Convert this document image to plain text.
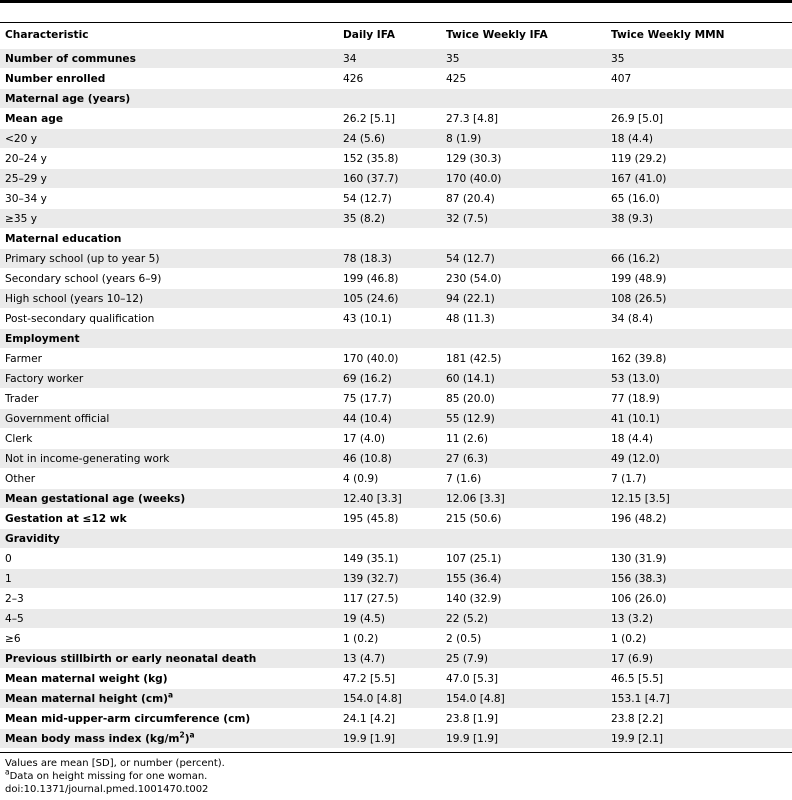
Characteristic	Daily IFA	Twice Weekly IFA	Twice Weekly MMN
Number of communes	34	35	35
Number enrolled	426	425	407
Maternal age (years)
Mean age	26.2 [5.1]	27.3 [4.8]	26.9 [5.0]
<20 y	24 (5.6)	8 (1.9)	18 (4.4)
20–24 y	152 (35.8)	129 (30.3)	119 (29.2)
25–29 y	160 (37.7)	170 (40.0)	167 (41.0)
30–34 y	54 (12.7)	87 (20.4)	65 (16.0)
≥35 y	35 (8.2)	32 (7.5)	38 (9.3)
Maternal education
Primary school (up to year 5)	78 (18.3)	54 (12.7)	66 (16.2)
Secondary school (years 6–9)	199 (46.8)	230 (54.0)	199 (48.9)
High school (years 10–12)	105 (24.6)	94 (22.1)	108 (26.5)
Post-secondary qualification	43 (10.1)	48 (11.3)	34 (8.4)
Employment
Farmer	170 (40.0)	181 (42.5)	162 (39.8)
Factory worker	69 (16.2)	60 (14.1)	53 (13.0)
Trader	75 (17.7)	85 (20.0)	77 (18.9)
Government official	44 (10.4)	55 (12.9)	41 (10.1)
Clerk	17 (4.0)	11 (2.6)	18 (4.4)
Not in income-generating work	46 (10.8)	27 (6.3)	49 (12.0)
Other	4 (0.9)	7 (1.6)	7 (1.7)
Mean gestational age (weeks)	12.40 [3.3]	12.06 [3.3]	12.15 [3.5]
Gestation at ≤12 wk	195 (45.8)	215 (50.6)	196 (48.2)
Gravidity
0	149 (35.1)	107 (25.1)	130 (31.9)
1	139 (32.7)	155 (36.4)	156 (38.3)
2–3	117 (27.5)	140 (32.9)	106 (26.0)
4–5	19 (4.5)	22 (5.2)	13 (3.2)
≥6	1 (0.2)	2 (0.5)	1 (0.2)
Previous stillbirth or early neonatal death	13 (4.7)	25 (7.9)	17 (6.9)
Mean maternal weight (kg)	47.2 [5.5]	47.0 [5.3]	46.5 [5.5]
Mean maternal height (cm)$^a$	154.0 [4.8]	154.0 [4.8]	153.1 [4.7]
Mean mid-upper-arm circumference (cm)	24.1 [4.2]	23.8 [1.9]	23.8 [2.2]
Mean body mass index $(kg/m^2)^a$	19.9 [1.9]	19.9 [1.9]	19.9 [2.1]
Values are mean [SD], or number (percent).
$^a$Data on height missing for one woman.
doi:10.1371/journal.pmed.1001470.t002
